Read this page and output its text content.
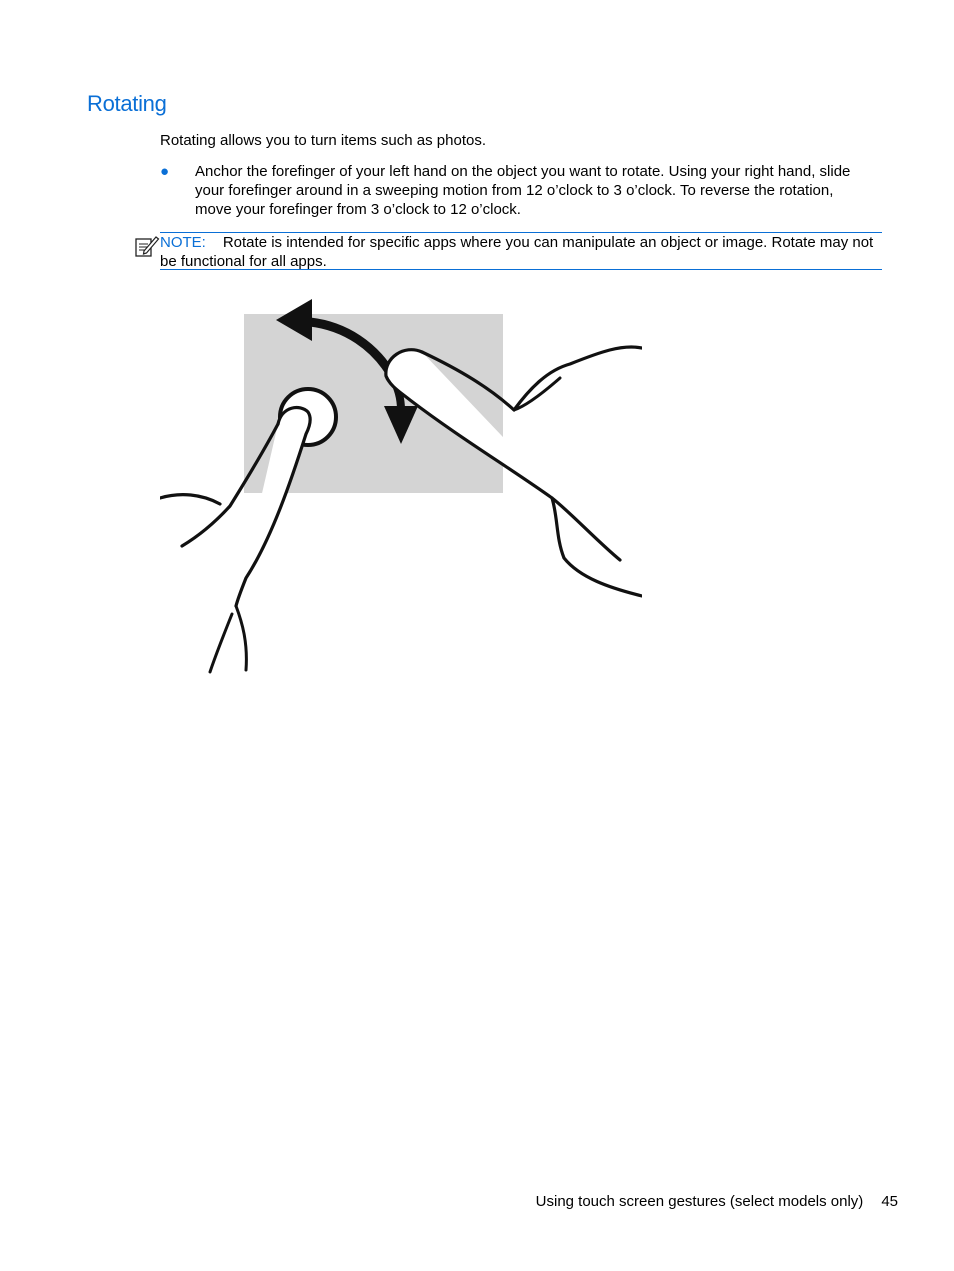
Rotating

Rotating allows you to turn items such as photos.

● Anchor the forefinger of your left hand on the object you want to rotate. Using your right hand, slide your forefinger around in a sweeping motion from 12 o’clock to 3 o’clock. To reverse the rotation, move your forefinger from 3 o’clock to 12 o’clock.
NOTE: Rotate is intended for specific apps where you can manipulate an object or image. Rotate may not be functional for all apps.
Using touch screen gestures (select models only) 45
